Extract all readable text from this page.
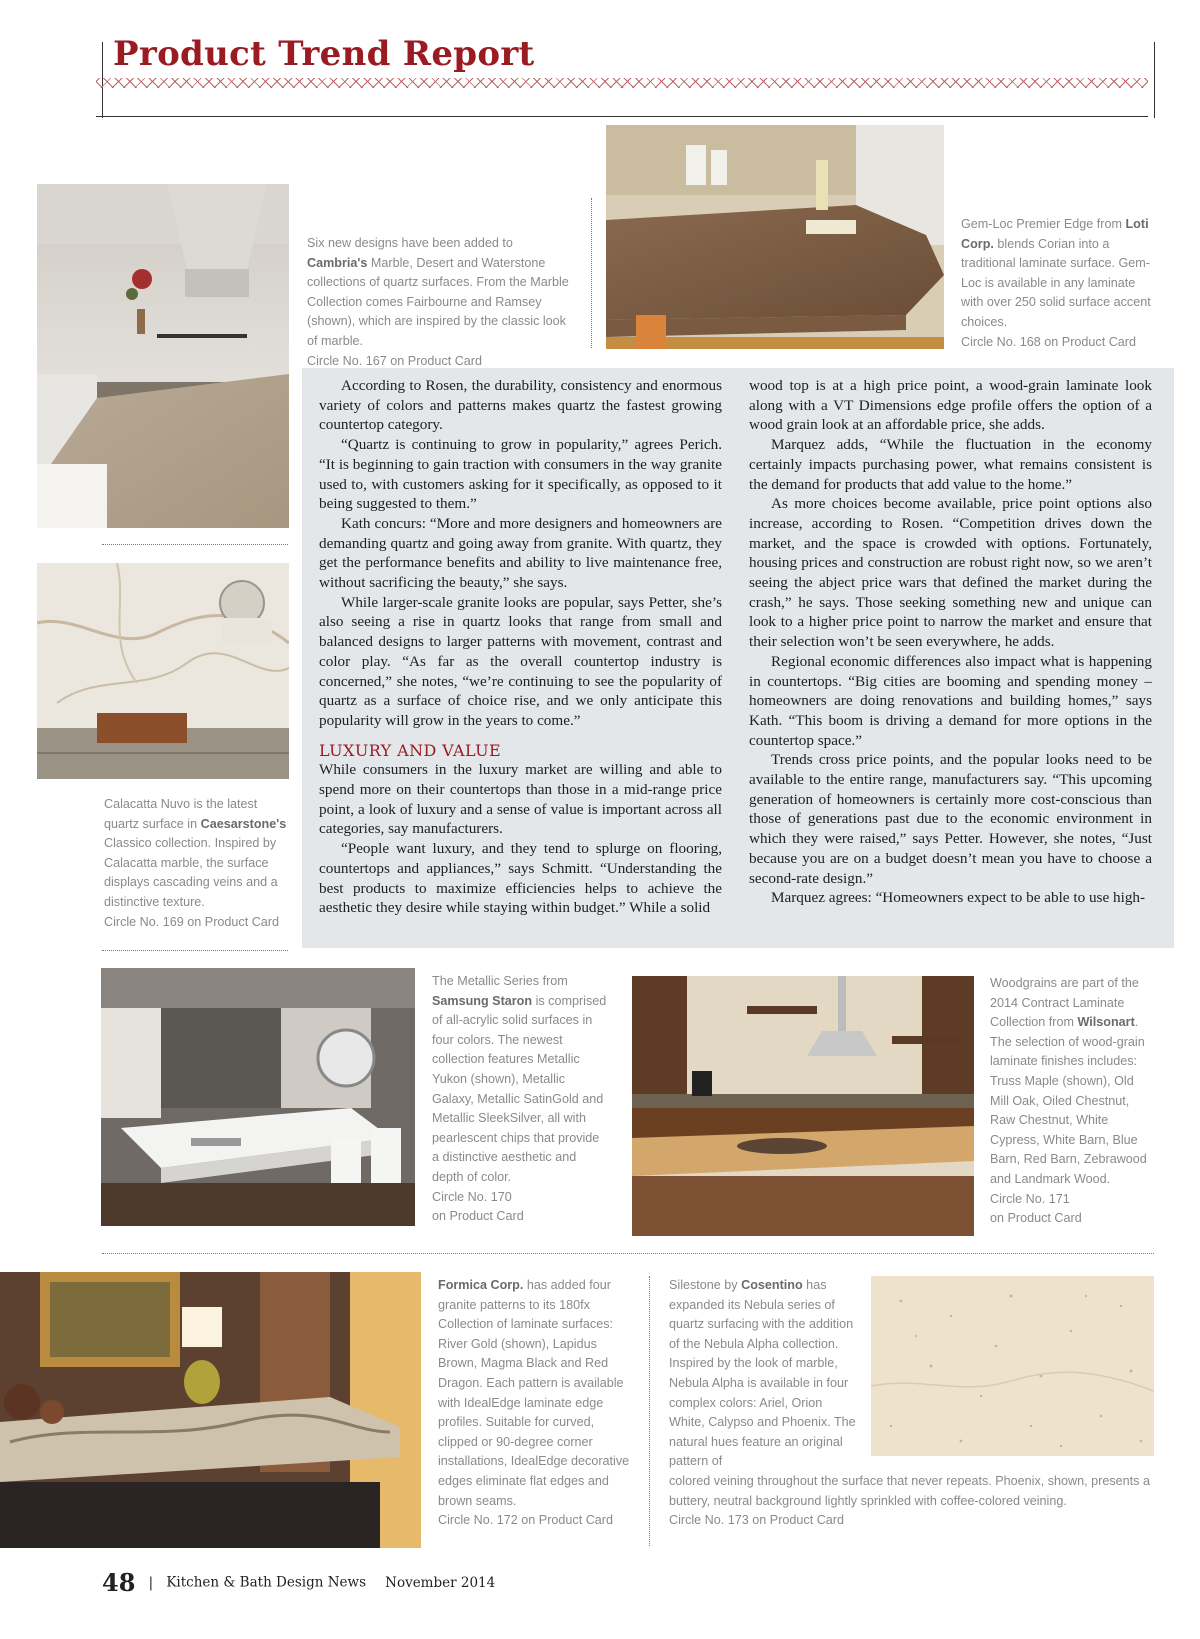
Product Trend Report
Six new designs have been added to Cambria's Marble, Desert and Waterstone collections of quartz surfaces. From the Marble Collection comes Fairbourne and Ramsey (shown), which are inspired by the classic look of marble.
Circle No. 167 on Product Card
Gem-Loc Premier Edge from Loti Corp. blends Corian into a traditional laminate surface. Gem-Loc is available in any laminate with over 250 solid surface accent choices.
Circle No. 168 on Product Card
Calacatta Nuvo is the latest quartz surface in Caesarstone's Classico collection. Inspired by Calacatta marble, the surface displays cascading veins and a distinctive texture.
Circle No. 169 on Product Card

According to Rosen, the durability, consistency and enormous variety of colors and patterns makes quartz the fastest growing countertop category.

“Quartz is continuing to grow in popularity,” agrees Perich. “It is beginning to gain traction with consumers in the way granite used to, with customers asking for it specifically, as opposed to it being suggested to them.”

Kath concurs: “More and more designers and homeowners are demanding quartz and going away from granite. With quartz, they get the performance benefits and ability to live maintenance free, without sacrificing the beauty,” she says.

While larger-scale granite looks are popular, says Petter, she’s also seeing a rise in quartz looks that range from small and balanced designs to larger patterns with movement, contrast and color play. “As far as the overall countertop industry is concerned,” she notes, “we’re continuing to see the popularity of quartz as a surface of choice rise, and we only anticipate this popularity will grow in the years to come.”

LUXURY AND VALUE

While consumers in the luxury market are willing and able to spend more on their countertops than those in a mid-range price point, a look of luxury and a sense of value is important across all categories, say manufacturers.

“People want luxury, and they tend to splurge on flooring, countertops and appliances,” says Schmitt. “Understanding the best products to maximize efficiencies helps to achieve the aesthetic they desire while staying within budget.” While a solid

wood top is at a high price point, a wood-grain laminate look along with a VT Dimensions edge profile offers the option of a wood grain look at an affordable price, she adds.

Marquez adds, “While the fluctuation in the economy certainly impacts purchasing power, what remains consistent is the demand for products that add value to the home.”

As more choices become available, price point options also increase, according to Rosen. “Competition drives down the market, and the space is crowded with options. Fortunately, housing prices and construction are robust right now, so we aren’t seeing the abject price wars that defined the market during the crash,” he says. Those seeking something new and unique can look to a higher price point to narrow the market and ensure that their selection won’t be seen everywhere, he adds.

Regional economic differences also impact what is happening in countertops. “Big cities are booming and spending money – homeowners are doing renovations and building homes,” says Kath. “This boom is driving a demand for more options in the countertop space.”

Trends cross price points, and the popular looks need to be available to the entire range, manufacturers say. “This upcoming generation of homeowners is certainly more cost-conscious than those of generations past due to the economic environment in which they were raised,” says Petter. However, she notes, “Just because you are on a budget doesn’t mean you have to choose a second-rate design.”

Marquez agrees: “Homeowners expect to be able to use high-

The Metallic Series from Samsung Staron is comprised of all-acrylic solid surfaces in four colors. The newest collection features Metallic Yukon (shown), Metallic Galaxy, Metallic SatinGold and Metallic SleekSilver, all with pearlescent chips that provide a distinctive aesthetic and depth of color.
Circle No. 170
on Product Card
Woodgrains are part of the 2014 Contract Laminate Collection from Wilsonart. The selection of wood-grain laminate finishes includes: Truss Maple (shown), Old Mill Oak, Oiled Chestnut, Raw Chestnut, White Cypress, White Barn, Blue Barn, Red Barn, Zebrawood and Landmark Wood.
Circle No. 171
on Product Card
Formica Corp. has added four granite patterns to its 180fx Collection of laminate surfaces: River Gold (shown), Lapidus Brown, Magma Black and Red Dragon. Each pattern is available with IdealEdge laminate edge profiles. Suitable for curved, clipped or 90-degree corner installations, IdealEdge decorative edges eliminate flat edges and brown seams.
Circle No. 172 on Product Card
Silestone by Cosentino has expanded its Nebula series of quartz surfacing with the addition of the Nebula Alpha collection. Inspired by the look of marble, Nebula Alpha is available in four complex colors: Ariel, Orion White, Calypso and Phoenix. The natural hues feature an original pattern of
colored veining throughout the surface that never repeats. Phoenix, shown, presents a buttery, neutral background lightly sprinkled with coffee-colored veining.
Circle No. 173 on Product Card
48 | Kitchen & Bath Design News November 2014
